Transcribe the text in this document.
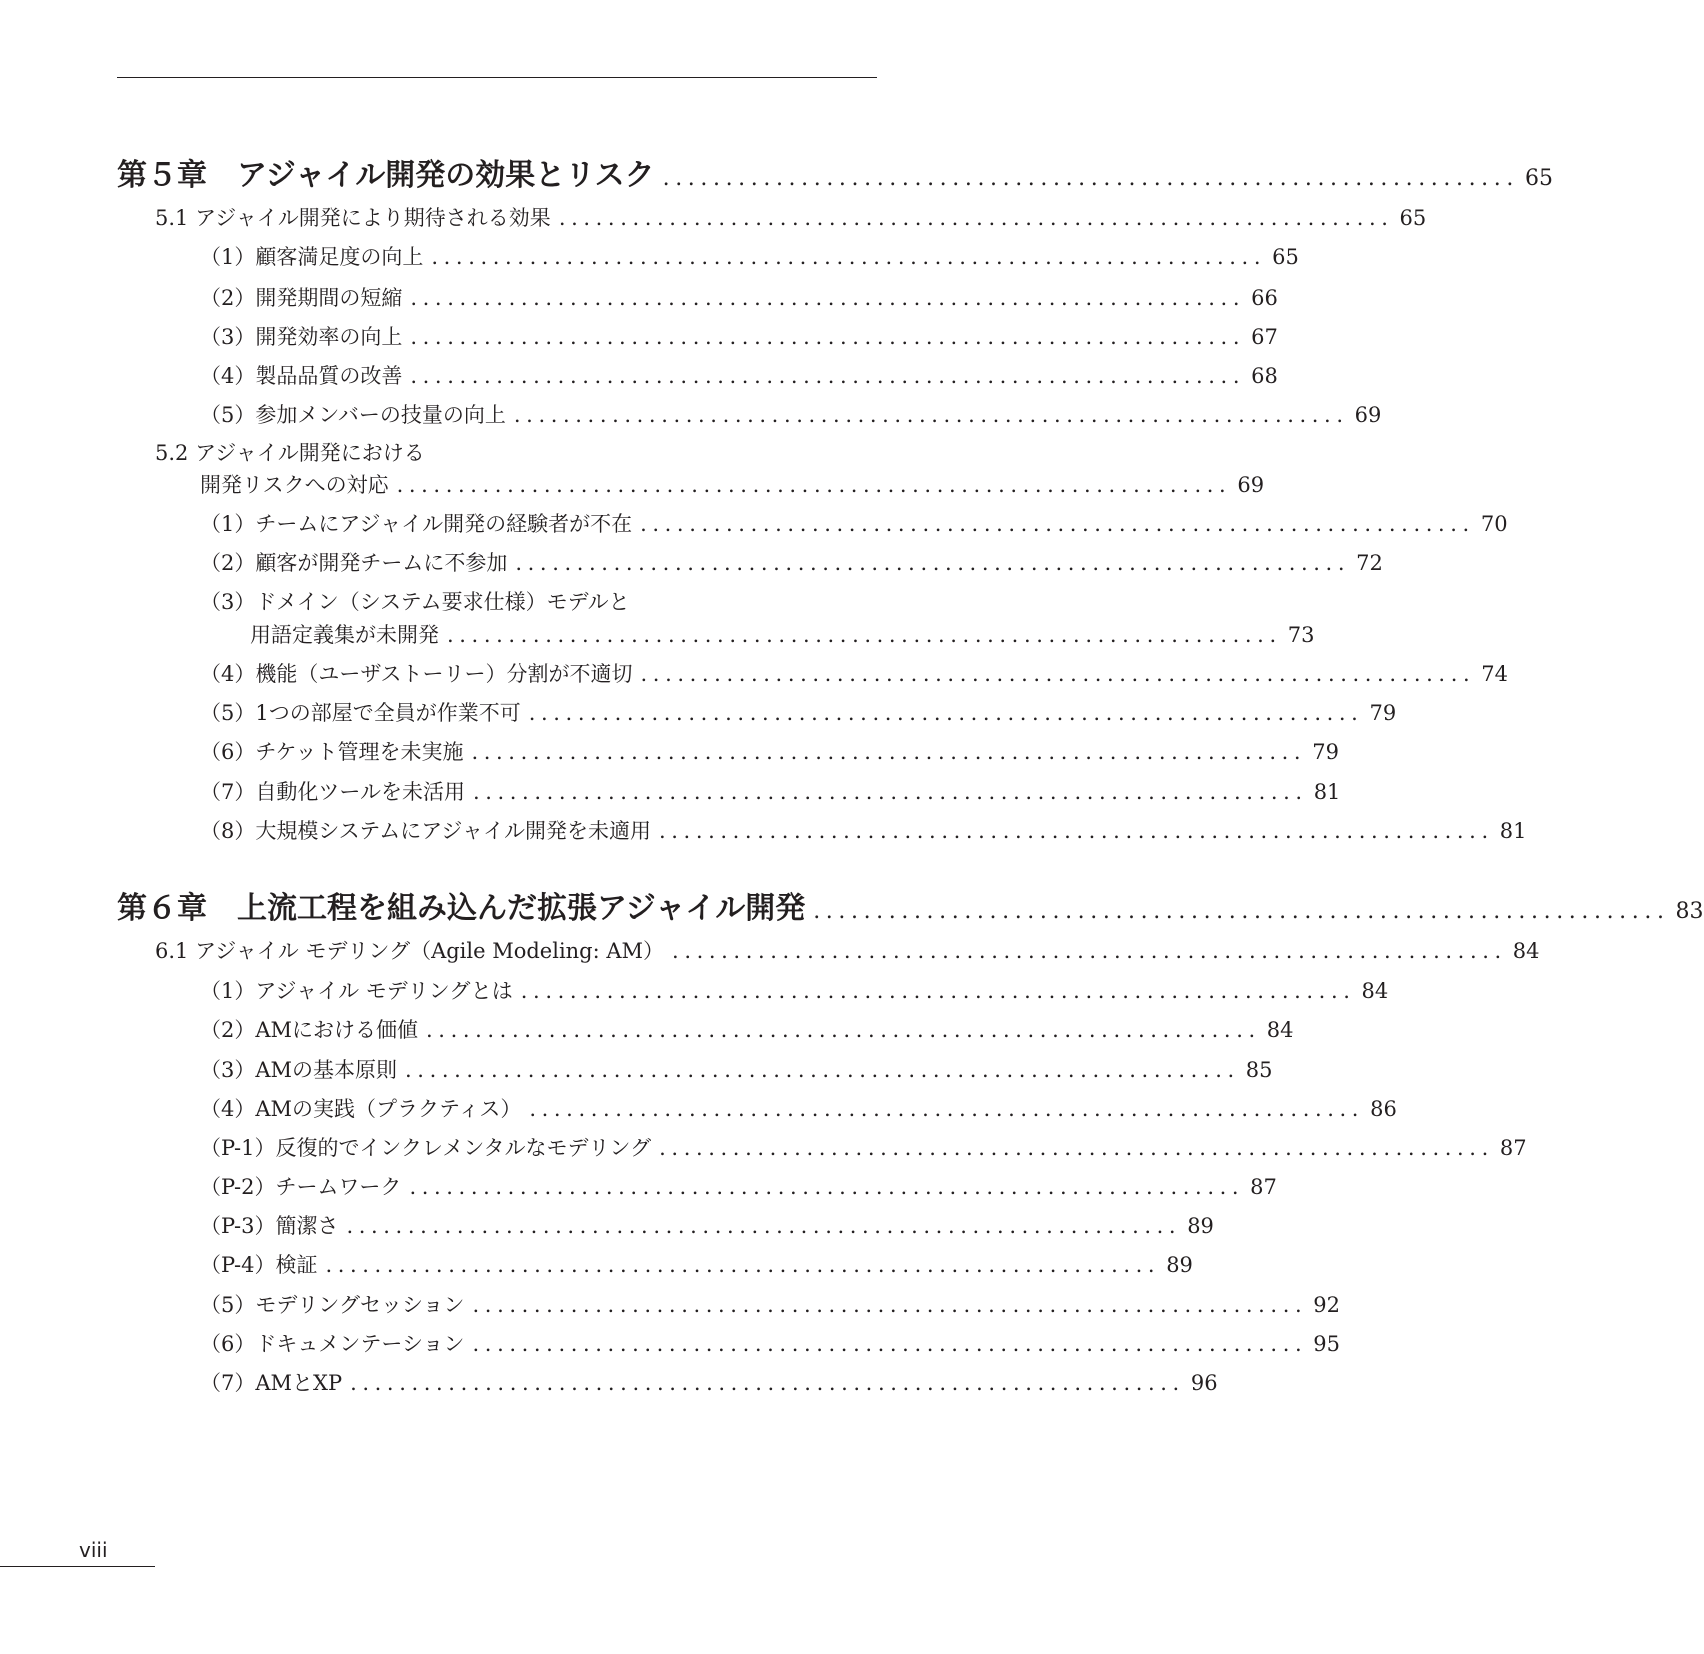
第５章　アジャイル開発の効果とリスク .................................................................... 65
5.1 アジャイル開発により期待される効果 .................................................................... 65
（1）顧客満足度の向上 .................................................................... 65
（2）開発期間の短縮 .................................................................... 66
（3）開発効率の向上 .................................................................... 67
（4）製品品質の改善 .................................................................... 68
（5）参加メンバーの技量の向上 .................................................................... 69
5.2 アジャイル開発における
開発リスクへの対応 .................................................................... 69
（1）チームにアジャイル開発の経験者が不在 .................................................................... 70
（2）顧客が開発チームに不参加 .................................................................... 72
（3）ドメイン（システム要求仕様）モデルと
用語定義集が未開発 .................................................................... 73
（4）機能（ユーザストーリー）分割が不適切 .................................................................... 74
（5）1つの部屋で全員が作業不可 .................................................................... 79
（6）チケット管理を未実施 .................................................................... 79
（7）自動化ツールを未活用 .................................................................... 81
（8）大規模システムにアジャイル開発を未適用 .................................................................... 81
第６章　上流工程を組み込んだ拡張アジャイル開発 .................................................................... 83
6.1 アジャイル モデリング（Agile Modeling: AM） .................................................................... 84
（1）アジャイル モデリングとは .................................................................... 84
（2）AMにおける価値 .................................................................... 84
（3）AMの基本原則 .................................................................... 85
（4）AMの実践（プラクティス） .................................................................... 86
（P-1）反復的でインクレメンタルなモデリング .................................................................... 87
（P-2）チームワーク .................................................................... 87
（P-3）簡潔さ .................................................................... 89
（P-4）検証 .................................................................... 89
（5）モデリングセッション .................................................................... 92
（6）ドキュメンテーション .................................................................... 95
（7）AMとXP .................................................................... 96
viii
